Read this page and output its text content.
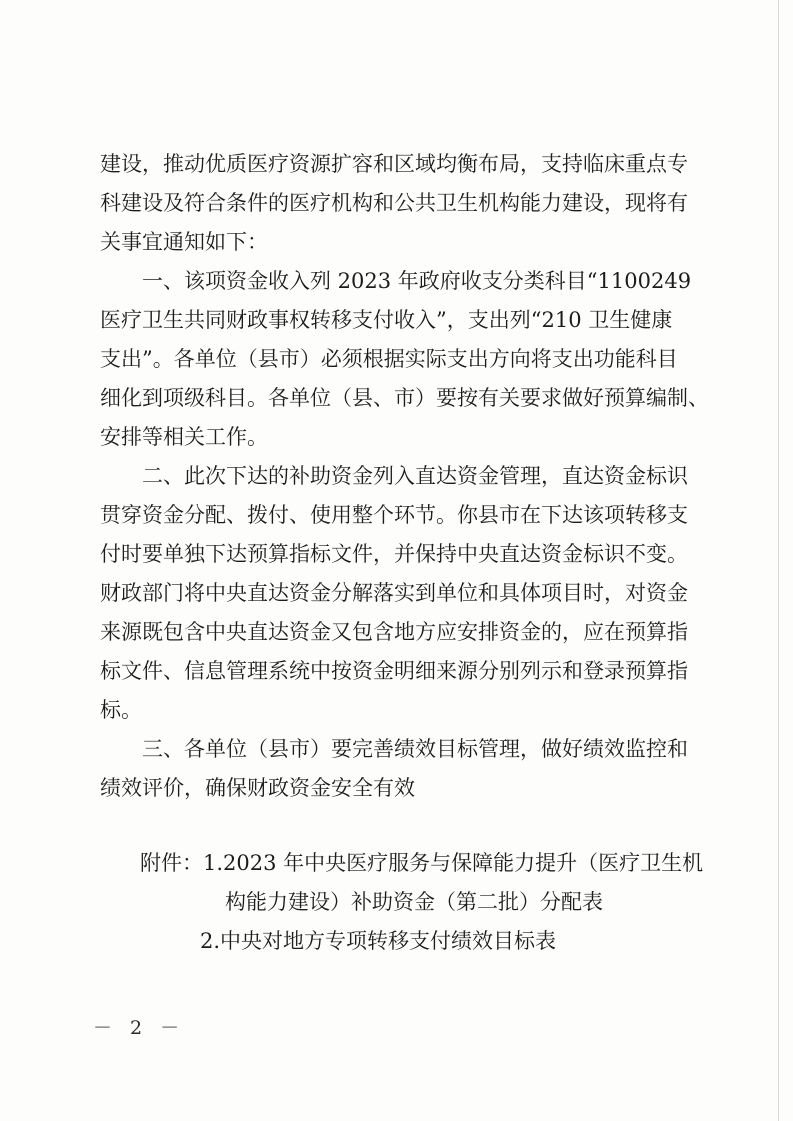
建设，推动优质医疗资源扩容和区域均衡布局，支持临床重点专
科建设及符合条件的医疗机构和公共卫生机构能力建设，现将有
关事宜通知如下：
一、该项资金收入列 2023 年政府收支分类科目“1100249
医疗卫生共同财政事权转移支付收入”，支出列“210 卫生健康
支出”。各单位（县市）必须根据实际支出方向将支出功能科目
细化到项级科目。各单位（县、市）要按有关要求做好预算编制、
安排等相关工作。
二、此次下达的补助资金列入直达资金管理，直达资金标识
贯穿资金分配、拨付、使用整个环节。你县市在下达该项转移支
付时要单独下达预算指标文件，并保持中央直达资金标识不变。
财政部门将中央直达资金分解落实到单位和具体项目时，对资金
来源既包含中央直达资金又包含地方应安排资金的，应在预算指
标文件、信息管理系统中按资金明细来源分别列示和登录预算指
标。
三、各单位（县市）要完善绩效目标管理，做好绩效监控和
绩效评价，确保财政资金安全有效
附件：1.2023 年中央医疗服务与保障能力提升（医疗卫生机
构能力建设）补助资金（第二批）分配表
2.中央对地方专项转移支付绩效目标表
－ 2 －
